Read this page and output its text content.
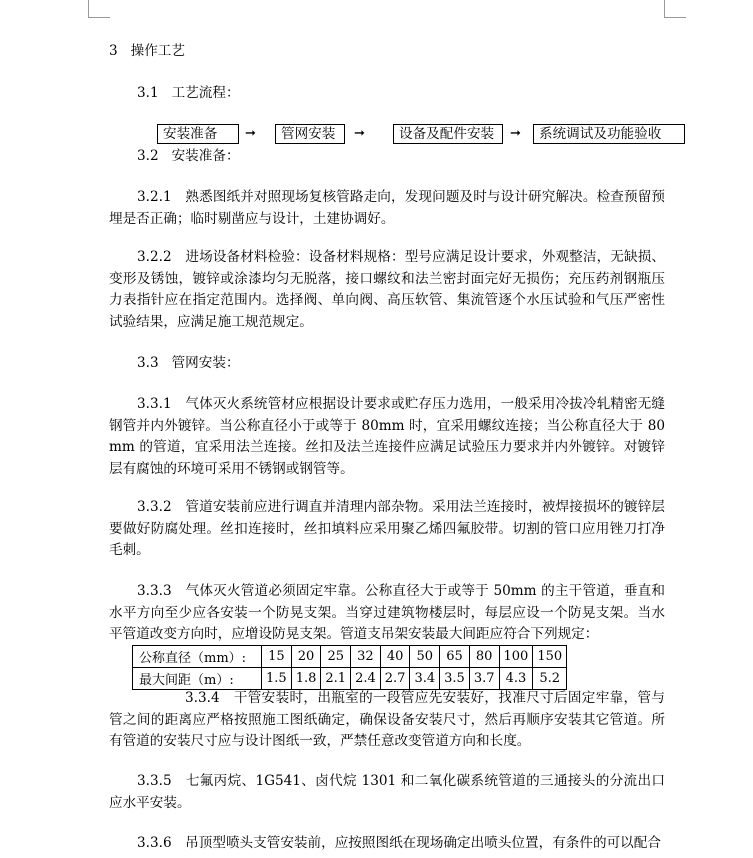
3 操作工艺
3.1 工艺流程：
安装准备	➞	管网安装	➞	设备及配件安装	➞	系统调试及功能验收
3.2 安装准备：
3.2.1　熟悉图纸并对照现场复核管路走向，发现问题及时与设计研究解决。检查预留预埋是否正确；临时剔凿应与设计，土建协调好。
3.2.2　进场设备材料检验：设备材料规格：型号应满足设计要求，外观整洁，无缺损、变形及锈蚀，镀锌或涂漆均匀无脱落，接口螺纹和法兰密封面完好无损伤；充压药剂钢瓶压力表指针应在指定范围内。选择阀、单向阀、高压软管、集流管逐个水压试验和气压严密性试验结果，应满足施工规范规定。
3.3 管网安装：
3.3.1　气体灭火系统管材应根据设计要求或贮存压力选用，一般采用冷拔冷轧精密无缝钢管并内外镀锌。当公称直径小于或等于 80mm 时，宜采用螺纹连接；当公称直径大于 80mm 的管道，宜采用法兰连接。丝扣及法兰连接件应满足试验压力要求并内外镀锌。对镀锌层有腐蚀的环境可采用不锈钢或钢管等。
3.3.2　管道安装前应进行调直并清理内部杂物。采用法兰连接时，被焊接损坏的镀锌层要做好防腐处理。丝扣连接时，丝扣填料应采用聚乙烯四氟胶带。切割的管口应用锉刀打净毛刺。
3.3.3　气体灭火管道必须固定牢靠。公称直径大于或等于 50mm 的主干管道，垂直和水平方向至少应各安装一个防晃支架。当穿过建筑物楼层时，每层应设一个防晃支架。当水平管道改变方向时，应增设防晃支架。管道支吊架安装最大间距应符合下列规定：
公称直径（mm）:	15	20	25	32	40	50	65	80	100	150
最大间距（m）:	1.5	1.8	2.1	2.4	2.7	3.4	3.5	3.7	4.3	5.2
3.3.4　干管安装时，出瓶室的一段管应先安装好，找准尺寸后固定牢靠，管与管之间的距离应严格按照施工图纸确定，确保设备安装尺寸，然后再顺序安装其它管道。所有管道的安装尺寸应与设计图纸一致，严禁任意改变管道方向和长度。
3.3.5　七氟丙烷、1G541、卤代烷 1301 和二氧化碳系统管道的三通接头的分流出口应水平安装。
3.3.6　吊顶型喷头支管安装前，应按照图纸在现场确定出喷头位置，有条件的可以配合
